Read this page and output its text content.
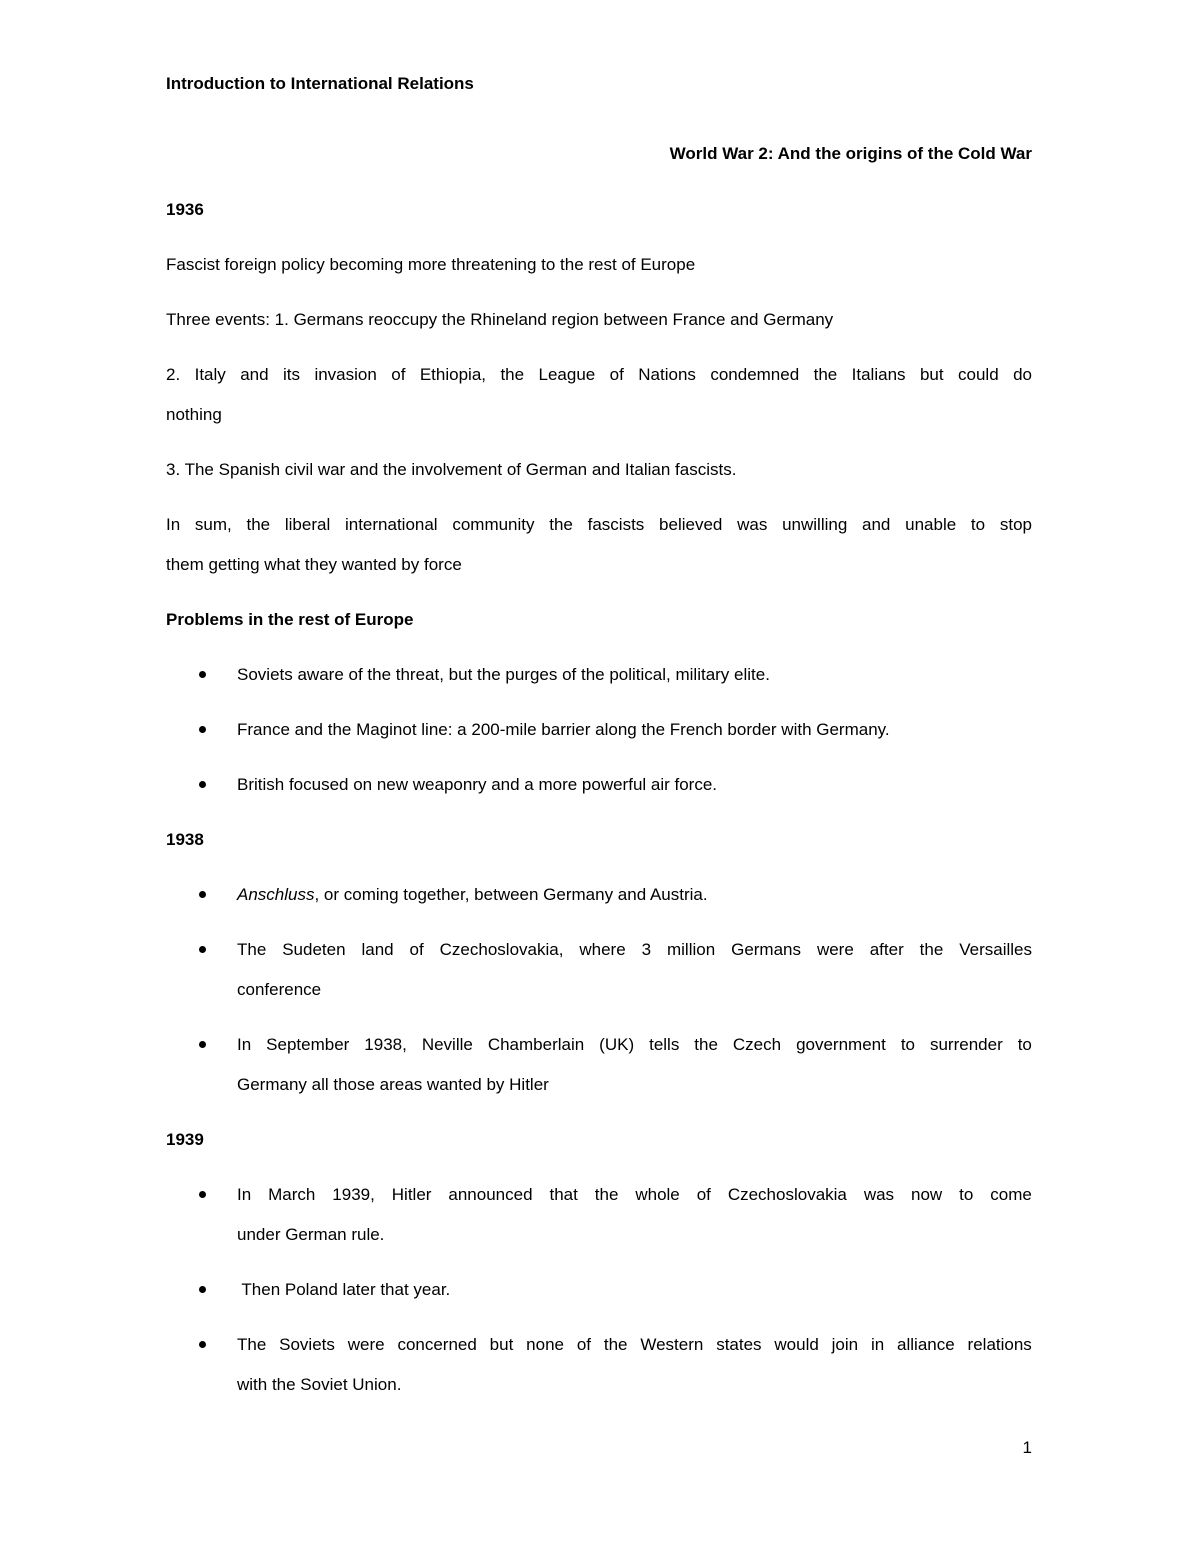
Introduction to International Relations
World War 2: And the origins of the Cold War
1936
Fascist foreign policy becoming more threatening to the rest of Europe
Three events: 1. Germans reoccupy the Rhineland region between France and Germany
2. Italy and its invasion of Ethiopia, the League of Nations condemned the Italians but could do
nothing
3. The Spanish civil war and the involvement of German and Italian fascists.
In sum, the liberal international community the fascists believed was unwilling and unable to stop
them getting what they wanted by force
Problems in the rest of Europe
Soviets aware of the threat, but the purges of the political, military elite.
France and the Maginot line: a 200-mile barrier along the French border with Germany.
British focused on new weaponry and a more powerful air force.
1938
Anschluss, or coming together, between Germany and Austria.
The Sudeten land of Czechoslovakia, where 3 million Germans were after the Versailles
conference
In September 1938, Neville Chamberlain (UK) tells the Czech government to surrender to
Germany all those areas wanted by Hitler
1939
In March 1939, Hitler announced that the whole of Czechoslovakia was now to come
under German rule.
Then Poland later that year.
The Soviets were concerned but none of the Western states would join in alliance relations
with the Soviet Union.
1
